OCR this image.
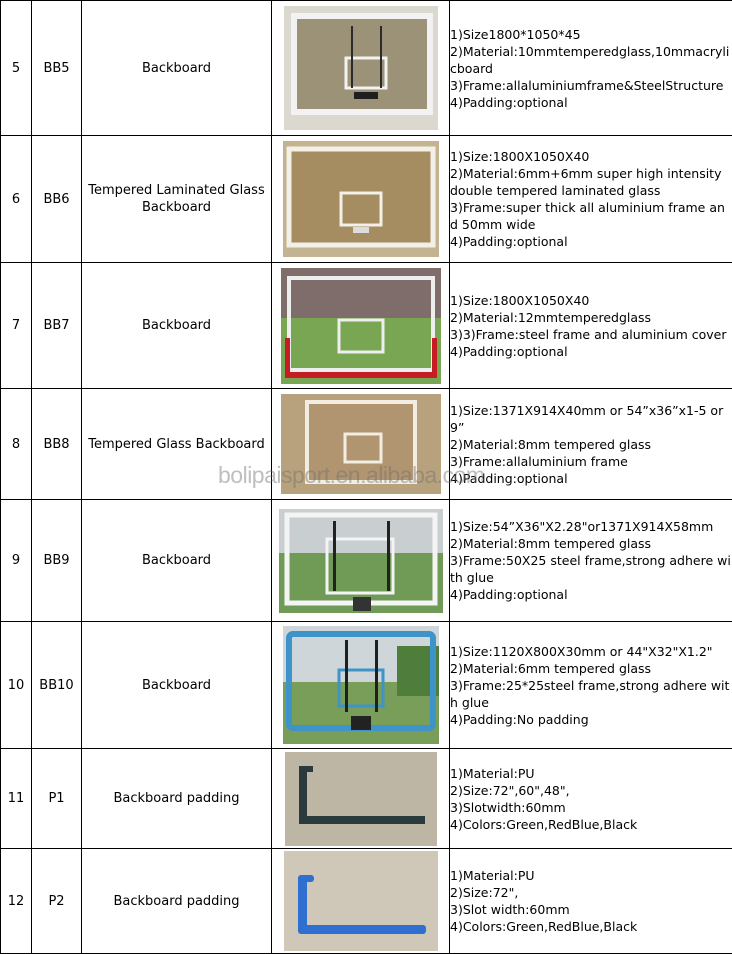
5	BB5	Backboard		1)Size1800*1050*45
2)Material:10mmtemperedglass,10mmacrylicboard
3)Frame:allaluminiumframe&SteelStructure
4)Padding:optional

6	BB6	Tempered Laminated Glass Backboard		1)Size:1800X1050X40
2)Material:6mm+6mm super high intensity double tempered laminated glass
3)Frame:super thick all aluminium frame and 50mm wide
4)Padding:optional

7	BB7	Backboard		1)Size:1800X1050X40
2)Material:12mmtemperedglass
3)3)Frame:steel frame and aluminium cover
4)Padding:optional

8	BB8	Tempered Glass Backboard		1)Size:1371X914X40mm or 54”x36”x1-5 or 9”
2)Material:8mm tempered glass
3)Frame:allaluminium frame
4)Padding:optional

9	BB9	Backboard		1)Size:54”X36"X2.28"or1371X914X58mm
2)Material:8mm tempered glass
3)Frame:50X25 steel frame,strong adhere with glue
4)Padding:optional

10	BB10	Backboard		1)Size:1120X800X30mm or 44"X32"X1.2"
2)Material:6mm tempered glass
3)Frame:25*25steel frame,strong adhere with glue
4)Padding:No padding

11	P1	Backboard padding		1)Material:PU
2)Size:72",60",48",
3)Slotwidth:60mm
4)Colors:Green,RedBlue,Black

12	P2	Backboard padding		1)Material:PU
2)Size:72",
3)Slot width:60mm
4)Colors:Green,RedBlue,Black
bolipaisport.en.alibaba.com
